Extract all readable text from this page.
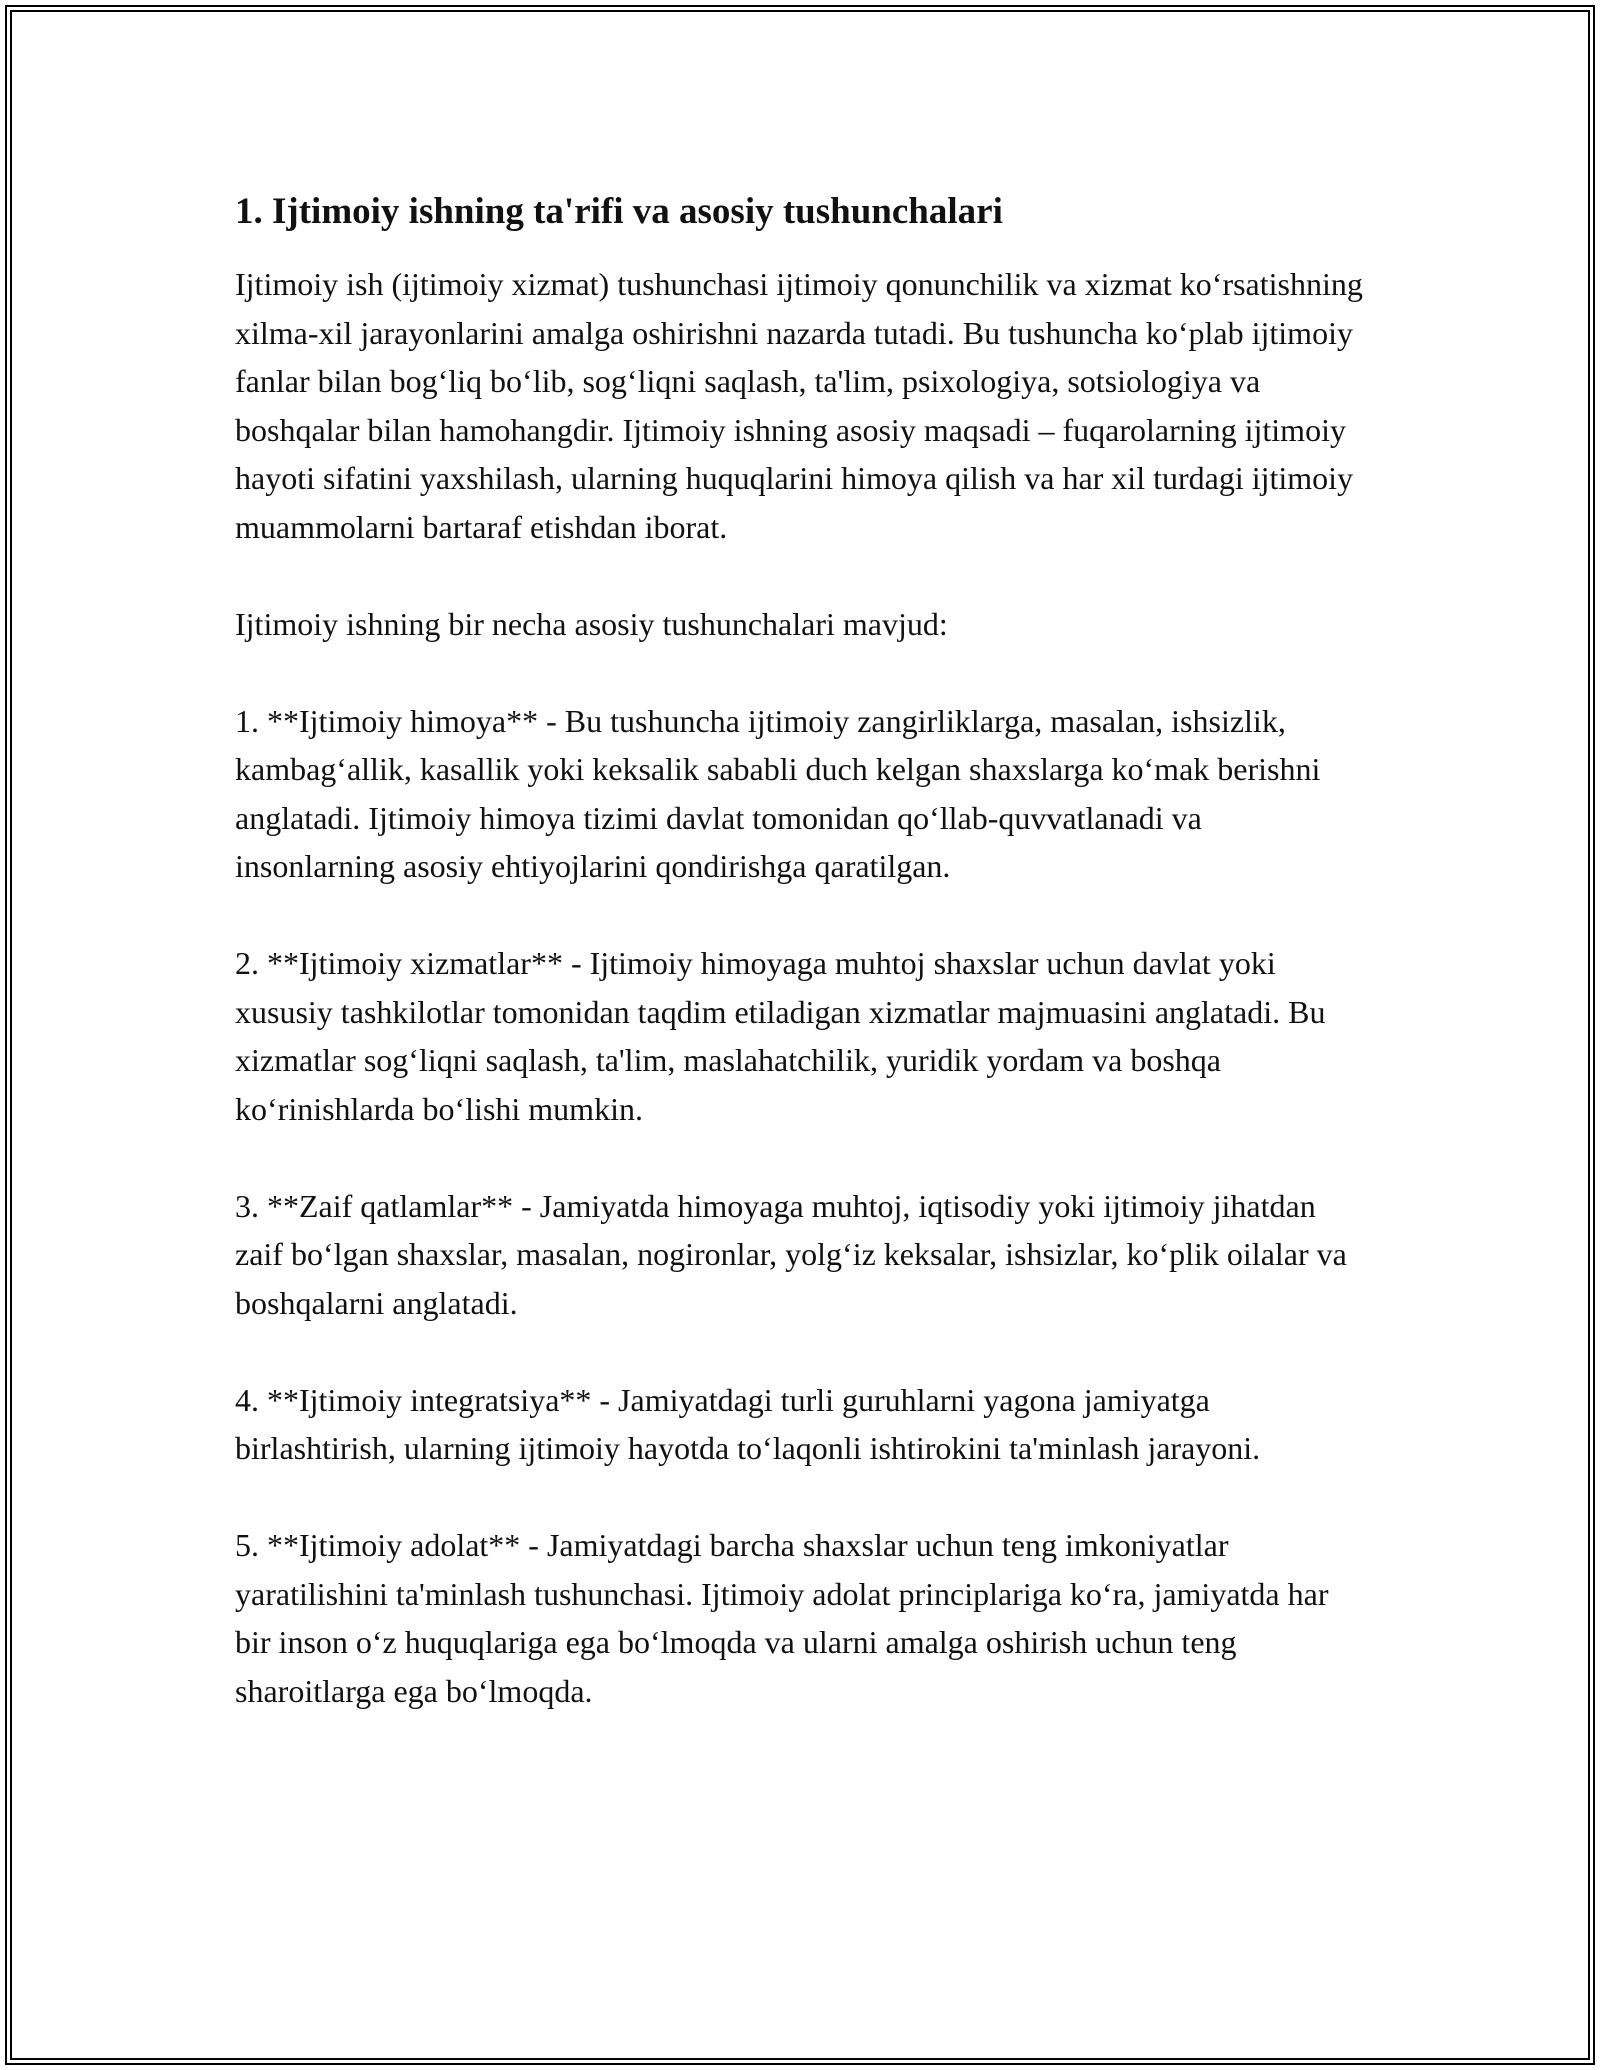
1. Ijtimoiy ishning ta'rifi va asosiy tushunchalari
Ijtimoiy ish (ijtimoiy xizmat) tushunchasi ijtimoiy qonunchilik va xizmat ko‘rsatishning xilma-xil jarayonlarini amalga oshirishni nazarda tutadi. Bu tushuncha ko‘plab ijtimoiy fanlar bilan bog‘liq bo‘lib, sog‘liqni saqlash, ta'lim, psixologiya, sotsiologiya va boshqalar bilan hamohangdir. Ijtimoiy ishning asosiy maqsadi – fuqarolarning ijtimoiy hayoti sifatini yaxshilash, ularning huquqlarini himoya qilish va har xil turdagi ijtimoiy muammolarni bartaraf etishdan iborat.
Ijtimoiy ishning bir necha asosiy tushunchalari mavjud:
1. **Ijtimoiy himoya** - Bu tushuncha ijtimoiy zangirliklarga, masalan, ishsizlik, kambag‘allik, kasallik yoki keksalik sababli duch kelgan shaxslarga ko‘mak berishni anglatadi. Ijtimoiy himoya tizimi davlat tomonidan qo‘llab-quvvatlanadi va insonlarning asosiy ehtiyojlarini qondirishga qaratilgan.
2. **Ijtimoiy xizmatlar** - Ijtimoiy himoyaga muhtoj shaxslar uchun davlat yoki xususiy tashkilotlar tomonidan taqdim etiladigan xizmatlar majmuasini anglatadi. Bu xizmatlar sog‘liqni saqlash, ta'lim, maslahatchilik, yuridik yordam va boshqa ko‘rinishlarda bo‘lishi mumkin.
3. **Zaif qatlamlar** - Jamiyatda himoyaga muhtoj, iqtisodiy yoki ijtimoiy jihatdan zaif bo‘lgan shaxslar, masalan, nogironlar, yolg‘iz keksalar, ishsizlar, ko‘plik oilalar va boshqalarni anglatadi.
4. **Ijtimoiy integratsiya** - Jamiyatdagi turli guruhlarni yagona jamiyatga birlashtirish, ularning ijtimoiy hayotda to‘laqonli ishtirokini ta'minlash jarayoni.
5. **Ijtimoiy adolat** - Jamiyatdagi barcha shaxslar uchun teng imkoniyatlar yaratilishini ta'minlash tushunchasi. Ijtimoiy adolat principlariga ko‘ra, jamiyatda har bir inson o‘z huquqlariga ega bo‘lmoqda va ularni amalga oshirish uchun teng sharoitlarga ega bo‘lmoqda.
